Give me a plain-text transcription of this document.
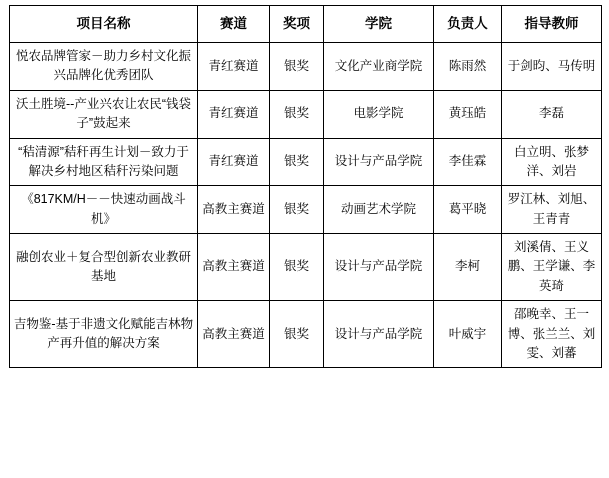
项目名称	赛道	奖项	学院	负责人	指导教师
悦农品牌管家－助力乡村文化振兴品牌化优秀团队	青红赛道	银奖	文化产业商学院	陈雨然	于剑昀、马传明
沃土胜境--产业兴农让农民“钱袋子”鼓起来	青红赛道	银奖	电影学院	黄珏皓	李磊
“秸清源”秸秆再生计划－致力于解决乡村地区秸秆污染问题	青红赛道	银奖	设计与产品学院	李佳霖	白立明、张梦洋、刘岩
《817KM/H－－快速动画战斗机》	高教主赛道	银奖	动画艺术学院	葛平晓	罗江林、刘旭、王青青
融创农业＋复合型创新农业教研基地	高教主赛道	银奖	设计与产品学院	李柯	刘溪倩、王义鹏、王学谦、李英琦
吉物鉴-基于非遗文化赋能吉林物产再升值的解决方案	高教主赛道	银奖	设计与产品学院	叶威宇	邵晚幸、王一博、张兰兰、刘雯、刘蕃
